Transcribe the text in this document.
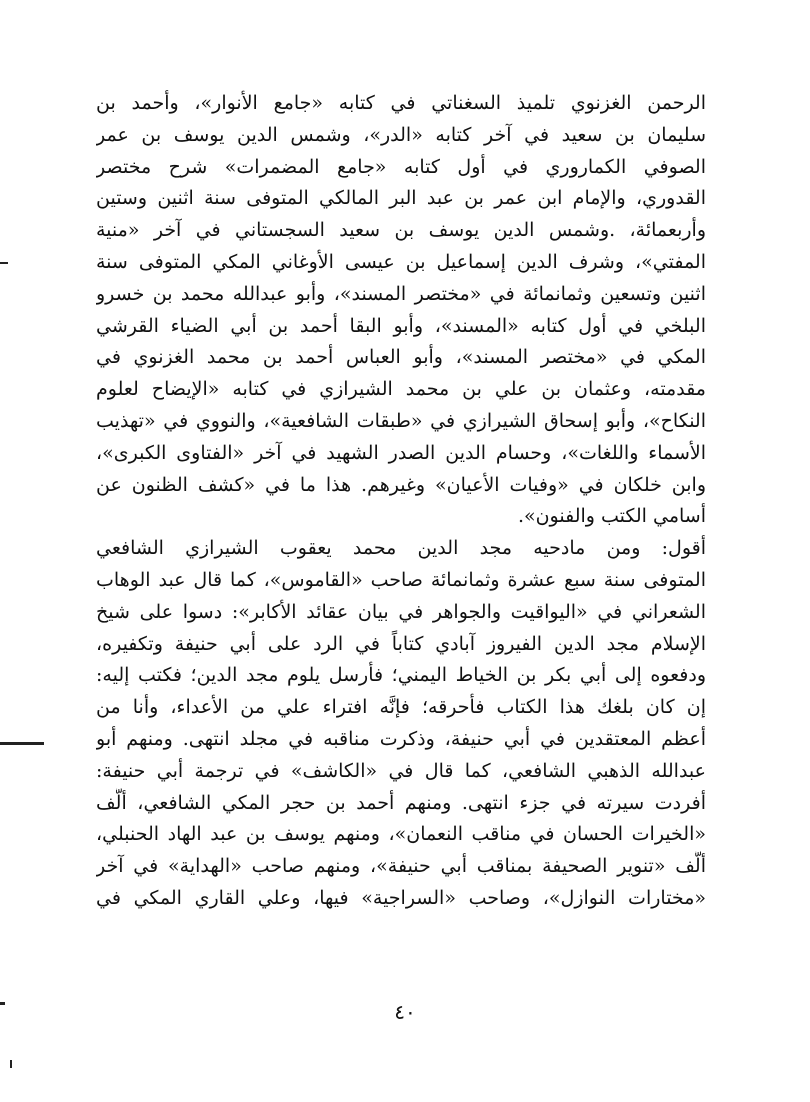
الرحمن الغزنوي تلميذ السغناتي في كتابه «جامع الأنوار»، وأحمد بن
سليمان بن سعيد في آخر كتابه «الدر»، وشمس الدين يوسف بن عمر
الصوفي الكماروري في أول كتابه «جامع المضمرات» شرح مختصر
القدوري، والإمام ابن عمر بن عبد البر المالكي المتوفى سنة اثنين وستين
وأربعمائة، .وشمس الدين يوسف بن سعيد السجستاني في آخر «منية
المفتي»، وشرف الدين إسماعيل بن عيسى الأوغاني المكي المتوفى سنة
اثنين وتسعين وثمانمائة في «مختصر المسند»، وأبو عبدالله محمد بن خسرو
البلخي في أول كتابه «المسند»، وأبو البقا أحمد بن أبي الضياء القرشي
المكي في «مختصر المسند»، وأبو العباس أحمد بن محمد الغزنوي في
مقدمته، وعثمان بن علي بن محمد الشيرازي في كتابه «الإيضاح لعلوم
النكاح»، وأبو إسحاق الشيرازي في «طبقات الشافعية»، والنووي في «تهذيب
الأسماء واللغات»، وحسام الدين الصدر الشهيد في آخر «الفتاوى الكبرى»،
وابن خلكان في «وفيات الأعيان» وغيرهم. هذا ما في «كشف الظنون عن
أسامي الكتب والفنون».
أقول: ومن مادحيه مجد الدين محمد يعقوب الشيرازي الشافعي
المتوفى سنة سبع عشرة وثمانمائة صاحب «القاموس»، كما قال عبد الوهاب
الشعراني في «اليواقيت والجواهر في بيان عقائد الأكابر»: دسوا على شيخ
الإسلام مجد الدين الفيروز آبادي كتاباً في الرد على أبي حنيفة وتكفيره،
ودفعوه إلى أبي بكر بن الخياط اليمني؛ فأرسل يلوم مجد الدين؛ فكتب إليه:
إن كان بلغك هذا الكتاب فأحرقه؛ فإنَّه افتراء علي من الأعداء، وأنا من
أعظم المعتقدين في أبي حنيفة، وذكرت مناقبه في مجلد انتهى. ومنهم أبو
عبدالله الذهبي الشافعي، كما قال في «الكاشف» في ترجمة أبي حنيفة:
أفردت سيرته في جزء انتهى. ومنهم أحمد بن حجر المكي الشافعي، ألَّف
«الخيرات الحسان في مناقب النعمان»، ومنهم يوسف بن عبد الهاد الحنبلي،
ألَّف «تنوير الصحيفة بمناقب أبي حنيفة»، ومنهم صاحب «الهداية» في آخر
«مختارات النوازل»، وصاحب «السراجية» فيها، وعلي القاري المكي في
٤٠
